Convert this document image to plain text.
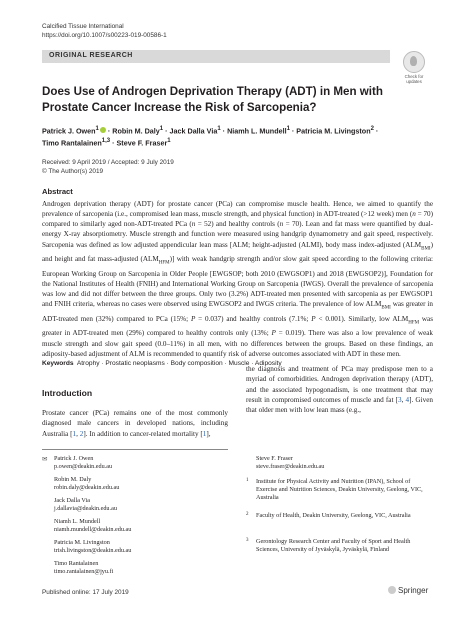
Calcified Tissue International
https://doi.org/10.1007/s00223-019-00586-1
ORIGINAL RESEARCH
Check for
updates
Does Use of Androgen Deprivation Therapy (ADT) in Men with Prostate Cancer Increase the Risk of Sarcopenia?
Patrick J. Owen$^1$ · Robin M. Daly$^1$ · Jack Dalla Via$^1$ · Niamh L. Mundell$^1$ · Patricia M. Livingston$^2$ ·
Timo Rantalainen$^{1,3}$ · Steve F. Fraser$^1$
Received: 9 April 2019 / Accepted: 9 July 2019
© The Author(s) 2019
Abstract
Androgen deprivation therapy (ADT) for prostate cancer (PCa) can compromise muscle health. Hence, we aimed to quantify the prevalence of sarcopenia (i.e., compromised lean mass, muscle strength, and physical function) in ADT-treated (>12 week) men (n = 70) compared to similarly aged non-ADT-treated PCa (n = 52) and healthy controls (n = 70). Lean and fat mass were quantified by dual-energy X-ray absorptiometry. Muscle strength and function were measured using handgrip dynamometry and gait speed, respectively. Sarcopenia was defined as low adjusted appendicular lean mass [ALM; height-adjusted (ALMI), body mass index-adjusted $(ALM_{BMI})$ and height and fat mass-adjusted $(ALM_{HFM})$] with weak handgrip strength and/or slow gait speed according to the following criteria: European Working Group on Sarcopenia in Older People [EWGSOP; both 2010 (EWGSOP1) and 2018 (EWGSOP2)], Foundation for the National Institutes of Health (FNIH) and International Working Group on Sarcopenia (IWGS). Overall the prevalence of sarcopenia was low and did not differ between the three groups. Only two (3.2%) ADT-treated men presented with sarcopenia as per EWGSOP1 and FNIH criteria, whereas no cases were observed using EWGSOP2 and IWGS criteria. The prevalence of low $ALM_{BMI}$ was greater in ADT-treated men (32%) compared to PCa (15%; P = 0.037) and healthy controls (7.1%; P < 0.001). Similarly, low $ALM_{HFM}$ was greater in ADT-treated men (29%) compared to healthy controls only (13%; P = 0.019). There was also a low prevalence of weak muscle strength and slow gait speed (0.0–11%) in all men, with no differences between the groups. Based on these findings, an adiposity-based adjustment of ALM is recommended to quantify risk of adverse outcomes associated with ADT in these men.
Keywords Atrophy · Prostatic neoplasms · Body composition · Muscle · Adiposity
Introduction
Prostate cancer (PCa) remains one of the most commonly diagnosed male cancers in developed nations, including Australia [1, 2]. In addition to cancer-related mortality [1],
the diagnosis and treatment of PCa may predispose men to a myriad of comorbidities. Androgen deprivation therapy (ADT), and the associated hypogonadism, is one treatment that may result in compromised outcomes of muscle and fat [3, 4]. Given that older men with low lean mass (e.g.,
✉	Patrick J. Owen
p.owen@deakin.edu.au
Robin M. Daly
robin.daly@deakin.edu.au
Jack Dalla Via
j.dallavia@deakin.edu.au
Niamh L. Mundell
niamh.mundell@deakin.edu.au
Patricia M. Livingston
trish.livingston@deakin.edu.au
Timo Rantalainen
timo.rantalainen@jyu.fi
Steve F. Fraser
steve.fraser@deakin.edu.au
1 Institute for Physical Activity and Nutrition (IPAN), School of Exercise and Nutrition Sciences, Deakin University, Geelong, VIC, Australia
2 Faculty of Health, Deakin University, Geelong, VIC, Australia
3 Gerontology Research Center and Faculty of Sport and Health Sciences, University of Jyväskylä, Jyväskylä, Finland
Published online: 17 July 2019	Springer
